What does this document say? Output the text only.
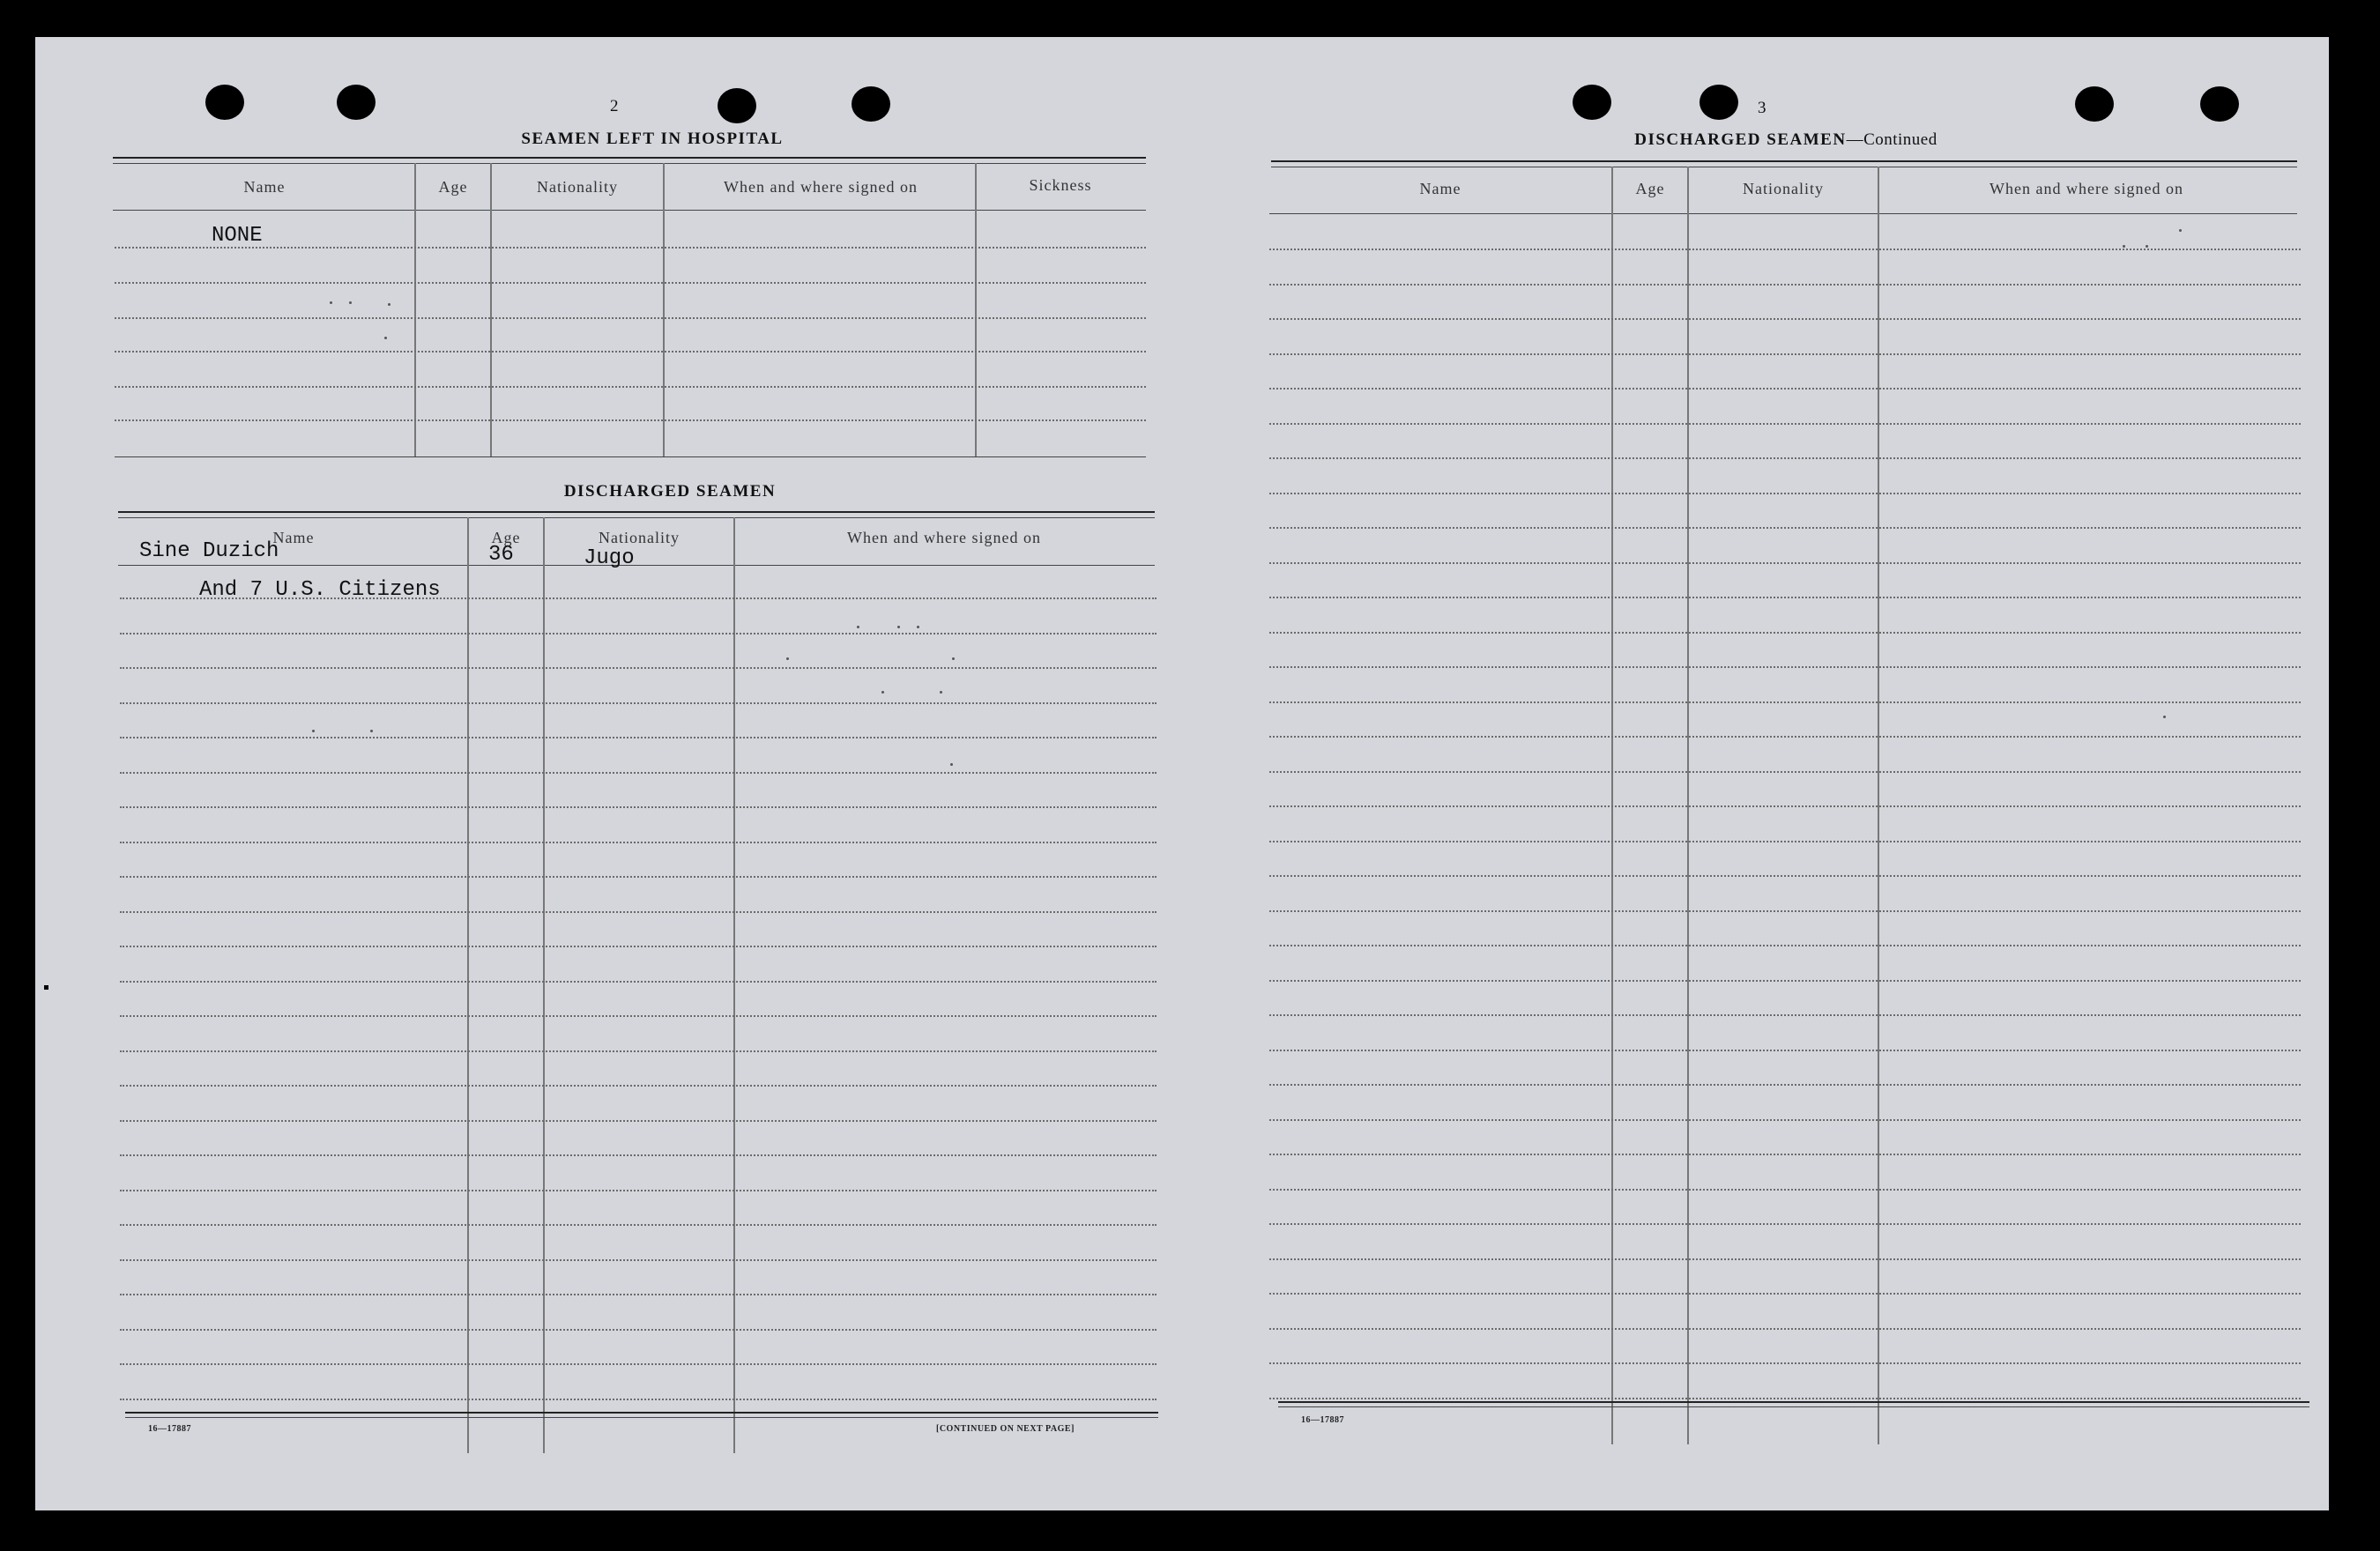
2
SEAMEN LEFT IN HOSPITAL
Name	Age	Nationality	When and where signed on	Sickness
NONE
DISCHARGED SEAMEN
Name	Age	Nationality	When and where signed on
Sine Duzich	36	Jugo
And 7 U.S. Citizens
16—17887	[CONTINUED ON NEXT PAGE]
3
DISCHARGED SEAMEN—Continued
Name	Age	Nationality	When and where signed on
16—17887
